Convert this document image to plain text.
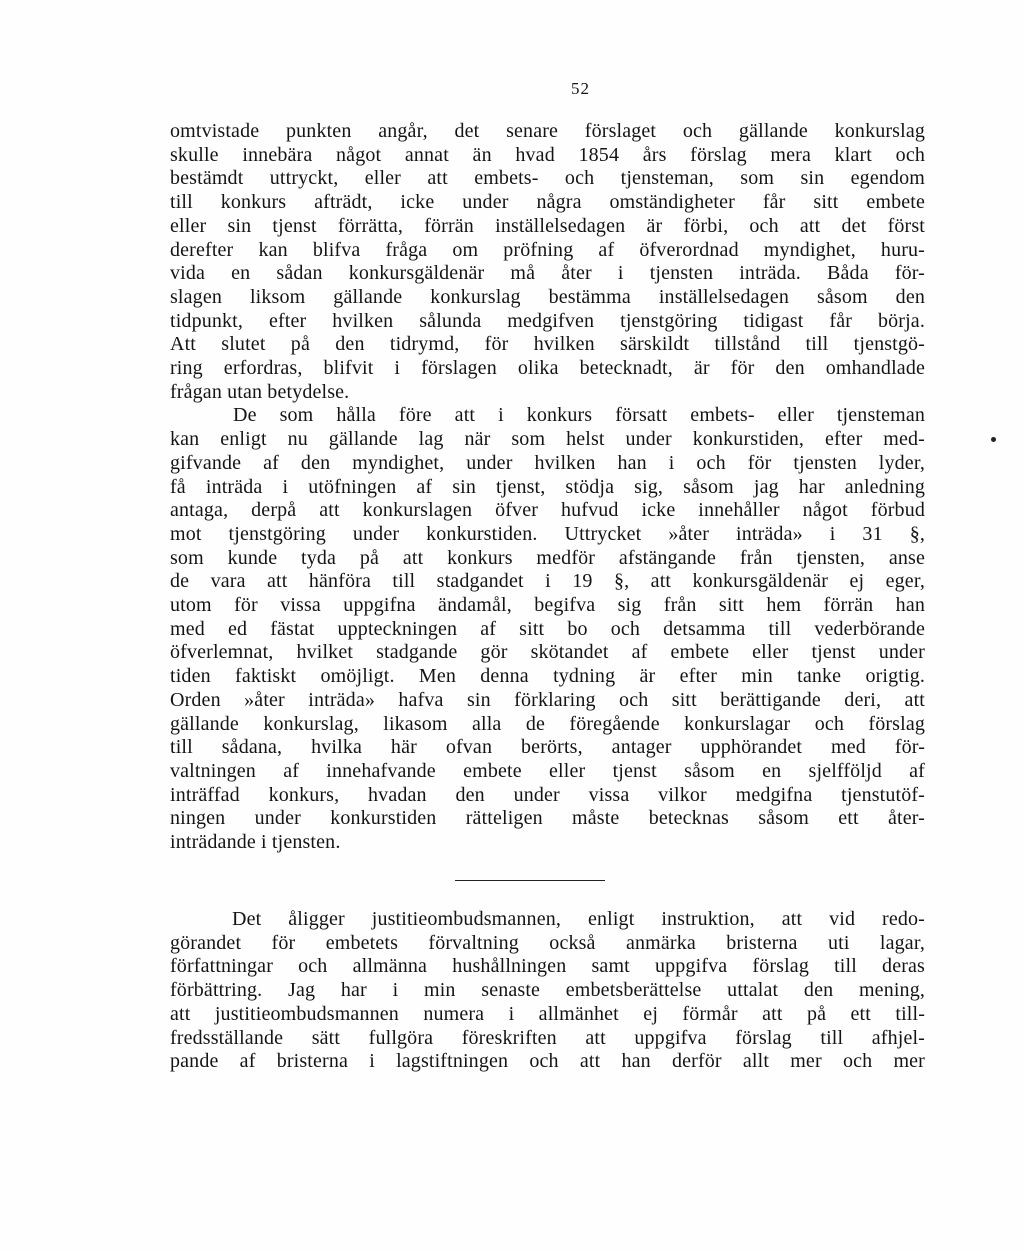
52
omtvistade punkten angår, det senare förslaget och gällande konkurslag
skulle innebära något annat än hvad 1854 års förslag mera klart och
bestämdt uttryckt, eller att embets- och tjensteman, som sin egendom
till konkurs afträdt, icke under några omständigheter får sitt embete
eller sin tjenst förrätta, förrän inställelsedagen är förbi, och att det först
derefter kan blifva fråga om pröfning af öfverordnad myndighet, huru-
vida en sådan konkursgäldenär må åter i tjensten inträda. Båda för-
slagen liksom gällande konkurslag bestämma inställelsedagen såsom den
tidpunkt, efter hvilken sålunda medgifven tjenstgöring tidigast får börja.
Att slutet på den tidrymd, för hvilken särskildt tillstånd till tjenstgö-
ring erfordras, blifvit i förslagen olika betecknadt, är för den omhandlade
frågan utan betydelse.
De som hålla före att i konkurs försatt embets- eller tjensteman
kan enligt nu gällande lag när som helst under konkurstiden, efter med-
gifvande af den myndighet, under hvilken han i och för tjensten lyder,
få inträda i utöfningen af sin tjenst, stödja sig, såsom jag har anledning
antaga, derpå att konkurslagen öfver hufvud icke innehåller något förbud
mot tjenstgöring under konkurstiden. Uttrycket »åter inträda» i 31 §,
som kunde tyda på att konkurs medför afstängande från tjensten, anse
de vara att hänföra till stadgandet i 19 §, att konkursgäldenär ej eger,
utom för vissa uppgifna ändamål, begifva sig från sitt hem förrän han
med ed fästat uppteckningen af sitt bo och detsamma till vederbörande
öfverlemnat, hvilket stadgande gör skötandet af embete eller tjenst under
tiden faktiskt omöjligt. Men denna tydning är efter min tanke origtig.
Orden »åter inträda» hafva sin förklaring och sitt berättigande deri, att
gällande konkurslag, likasom alla de föregående konkurslagar och förslag
till sådana, hvilka här ofvan berörts, antager upphörandet med för-
valtningen af innehafvande embete eller tjenst såsom en sjelfföljd af
inträffad konkurs, hvadan den under vissa vilkor medgifna tjenstutöf-
ningen under konkurstiden rätteligen måste betecknas såsom ett åter-
inträdande i tjensten.
Det åligger justitieombudsmannen, enligt instruktion, att vid redo-
görandet för embetets förvaltning också anmärka bristerna uti lagar,
författningar och allmänna hushållningen samt uppgifva förslag till deras
förbättring. Jag har i min senaste embetsberättelse uttalat den mening,
att justitieombudsmannen numera i allmänhet ej förmår att på ett till-
fredsställande sätt fullgöra föreskriften att uppgifva förslag till afhjel-
pande af bristerna i lagstiftningen och att han derför allt mer och mer
